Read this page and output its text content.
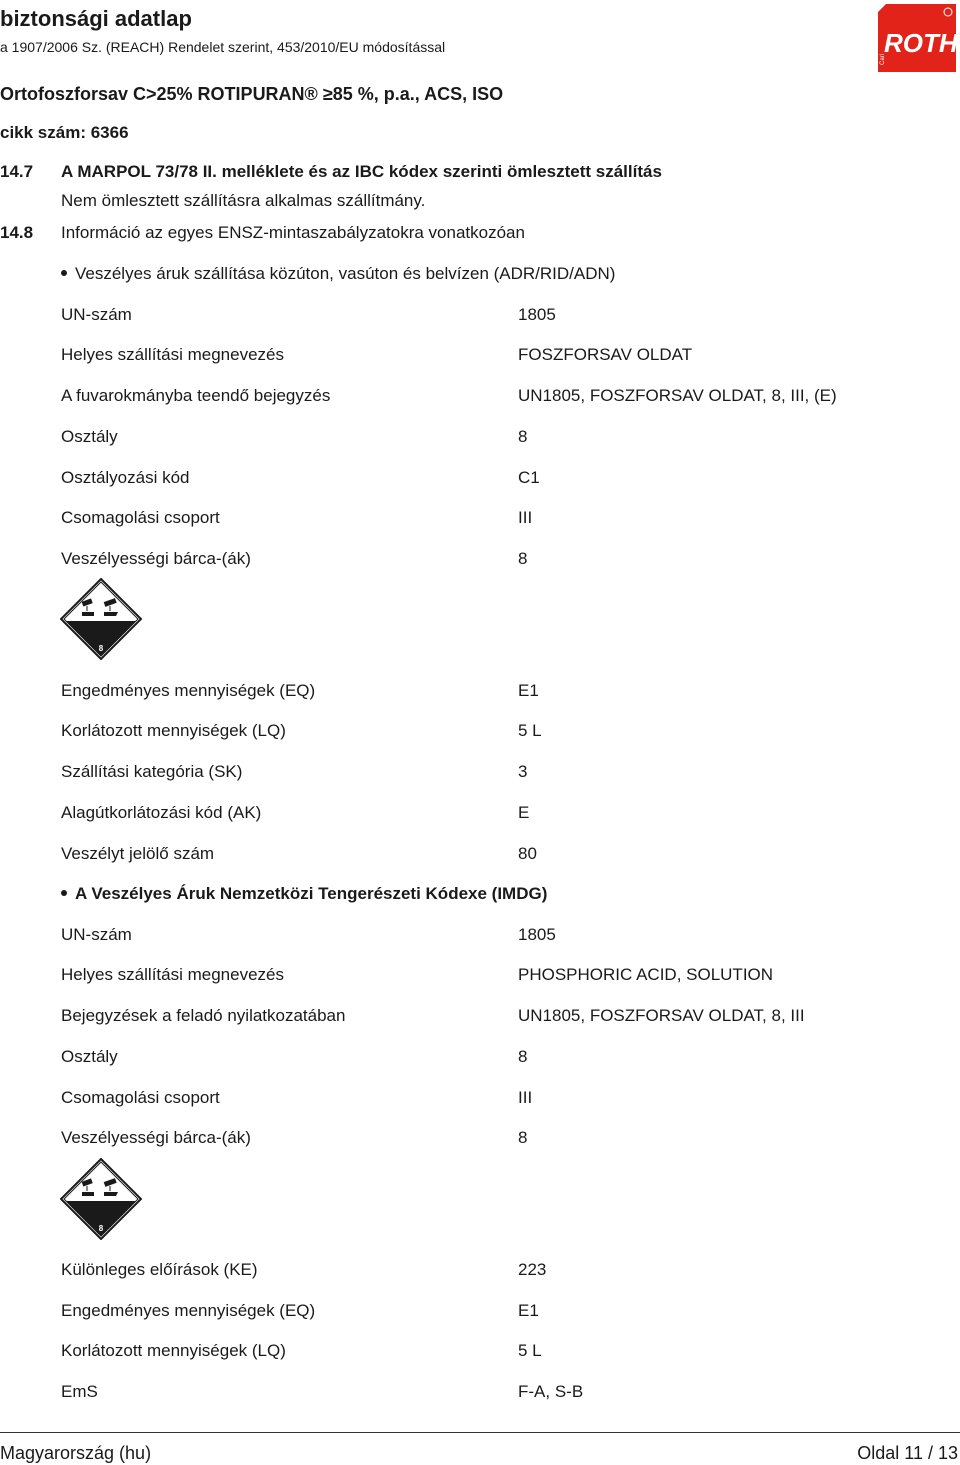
biztonsági adatlap
a 1907/2006 Sz. (REACH) Rendelet szerint, 453/2010/EU módosítással
Ortofoszforsav C>25% ROTIPURAN® ≥85 %, p.a., ACS, ISO
cikk szám: 6366
ROTH
Carl
14.7 A MARPOL 73/78 II. melléklete és az IBC kódex szerinti ömlesztett szállítás
Nem ömlesztett szállításra alkalmas szállítmány.
14.8 Információ az egyes ENSZ-mintaszabályzatokra vonatkozóan
Veszélyes áruk szállítása közúton, vasúton és belvízen (ADR/RID/ADN)
UN-szám	1805
Helyes szállítási megnevezés	FOSZFORSAV OLDAT
A fuvarokmányba teendő bejegyzés	UN1805, FOSZFORSAV OLDAT, 8, III, (E)
Osztály	8
Osztályozási kód	C1
Csomagolási csoport	III
Veszélyességi bárca-(ák)	8
8
Engedményes mennyiségek (EQ)	E1
Korlátozott mennyiségek (LQ)	5 L
Szállítási kategória (SK)	3
Alagútkorlátozási kód (AK)	E
Veszélyt jelölő szám	80
A Veszélyes Áruk Nemzetközi Tengerészeti Kódexe (IMDG)
UN-szám	1805
Helyes szállítási megnevezés	PHOSPHORIC ACID, SOLUTION
Bejegyzések a feladó nyilatkozatában	UN1805, FOSZFORSAV OLDAT, 8, III
Osztály	8
Csomagolási csoport	III
Veszélyességi bárca-(ák)	8
8
Különleges előírások (KE)	223
Engedményes mennyiségek (EQ)	E1
Korlátozott mennyiségek (LQ)	5 L
EmS	F-A, S-B
Magyarország (hu)	Oldal 11 / 13
